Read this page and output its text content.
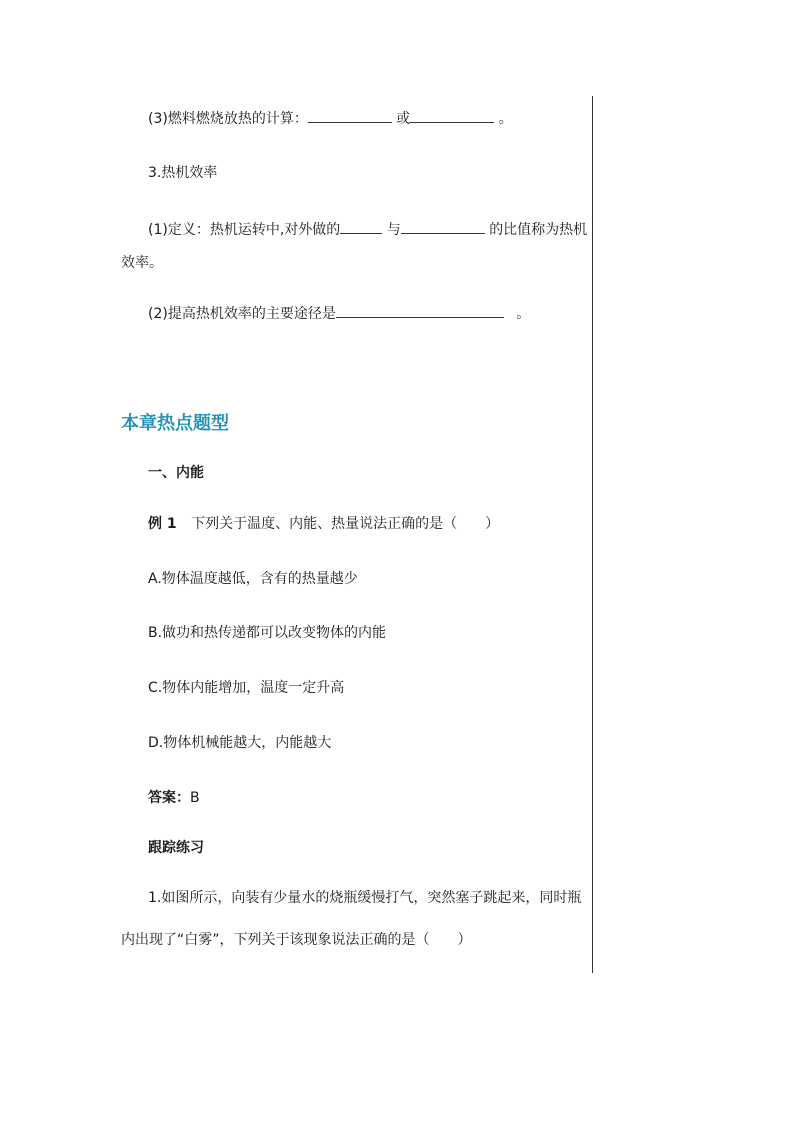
(3)燃料燃烧放热的计算：	或	。
3.热机效率
(1)定义：热机运转中,对外做的	与	的比值称为热机
效率。
(2)提高热机效率的主要途径是	。
本章热点题型
一、内能
例 1 下列关于温度、内能、热量说法正确的是（　　）
A.物体温度越低，含有的热量越少
B.做功和热传递都可以改变物体的内能
C.物体内能增加，温度一定升高
D.物体机械能越大，内能越大
答案：B
跟踪练习
1.如图所示，向装有少量水的烧瓶缓慢打气，突然塞子跳起来，同时瓶
内出现了“白雾”，下列关于该现象说法正确的是（　　）
